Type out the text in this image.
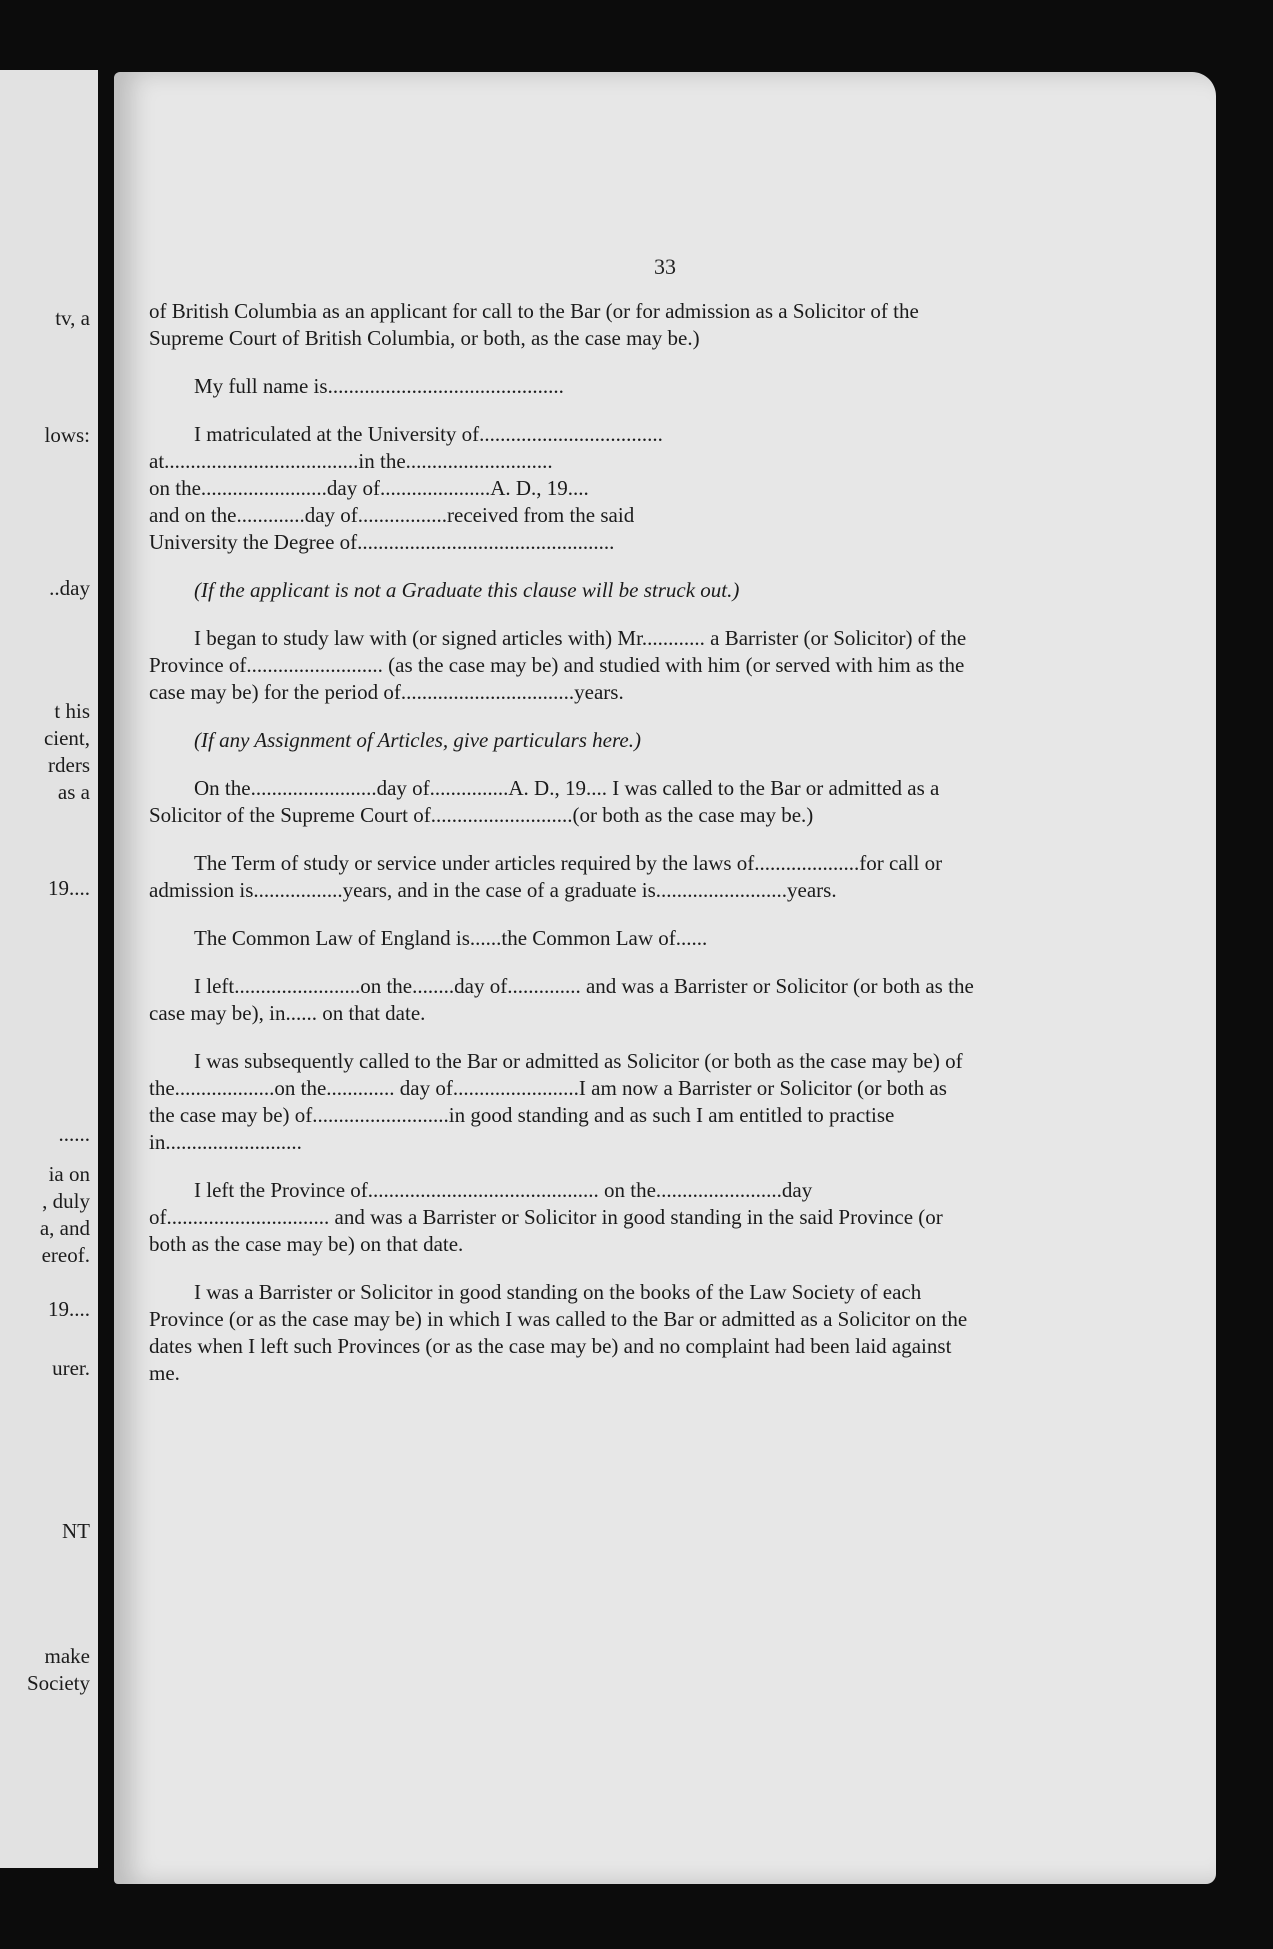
tv, a
lows:
..day
t his
cient,
rders
as a
19....
......
ia on
, duly
a, and
ereof.
19....
urer.
NT
make
Society
33

of British Columbia as an applicant for call to the Bar (or for admission as a Solicitor of the Supreme Court of British Columbia, or both, as the case may be.)

My full name is.............................................

I matriculated at the University of...................................

at.....................................in the............................

on the........................day of.....................A. D., 19....

and on the.............day of.................received from the said

University the Degree of.................................................

(If the applicant is not a Graduate this clause will be struck out.)

I began to study law with (or signed articles with) Mr............ a Barrister (or Solicitor) of the Province of.......................... (as the case may be) and studied with him (or served with him as the case may be) for the period of.................................years.

(If any Assignment of Articles, give particulars here.)

On the........................day of...............A. D., 19.... I was called to the Bar or admitted as a Solicitor of the Supreme Court of...........................(or both as the case may be.)

The Term of study or service under articles required by the laws of....................for call or admission is.................years, and in the case of a graduate is.........................years.

The Common Law of England is......the Common Law of......

I left........................on the........day of.............. and was a Barrister or Solicitor (or both as the case may be), in...... on that date.

I was subsequently called to the Bar or admitted as Solicitor (or both as the case may be) of the...................on the............. day of........................I am now a Barrister or Solicitor (or both as the case may be) of..........................in good standing and as such I am entitled to practise in..........................

I left the Province of............................................ on the........................day of............................... and was a Barrister or Solicitor in good standing in the said Province (or both as the case may be) on that date.

I was a Barrister or Solicitor in good standing on the books of the Law Society of each Province (or as the case may be) in which I was called to the Bar or admitted as a Solicitor on the dates when I left such Provinces (or as the case may be) and no complaint had been laid against me.
